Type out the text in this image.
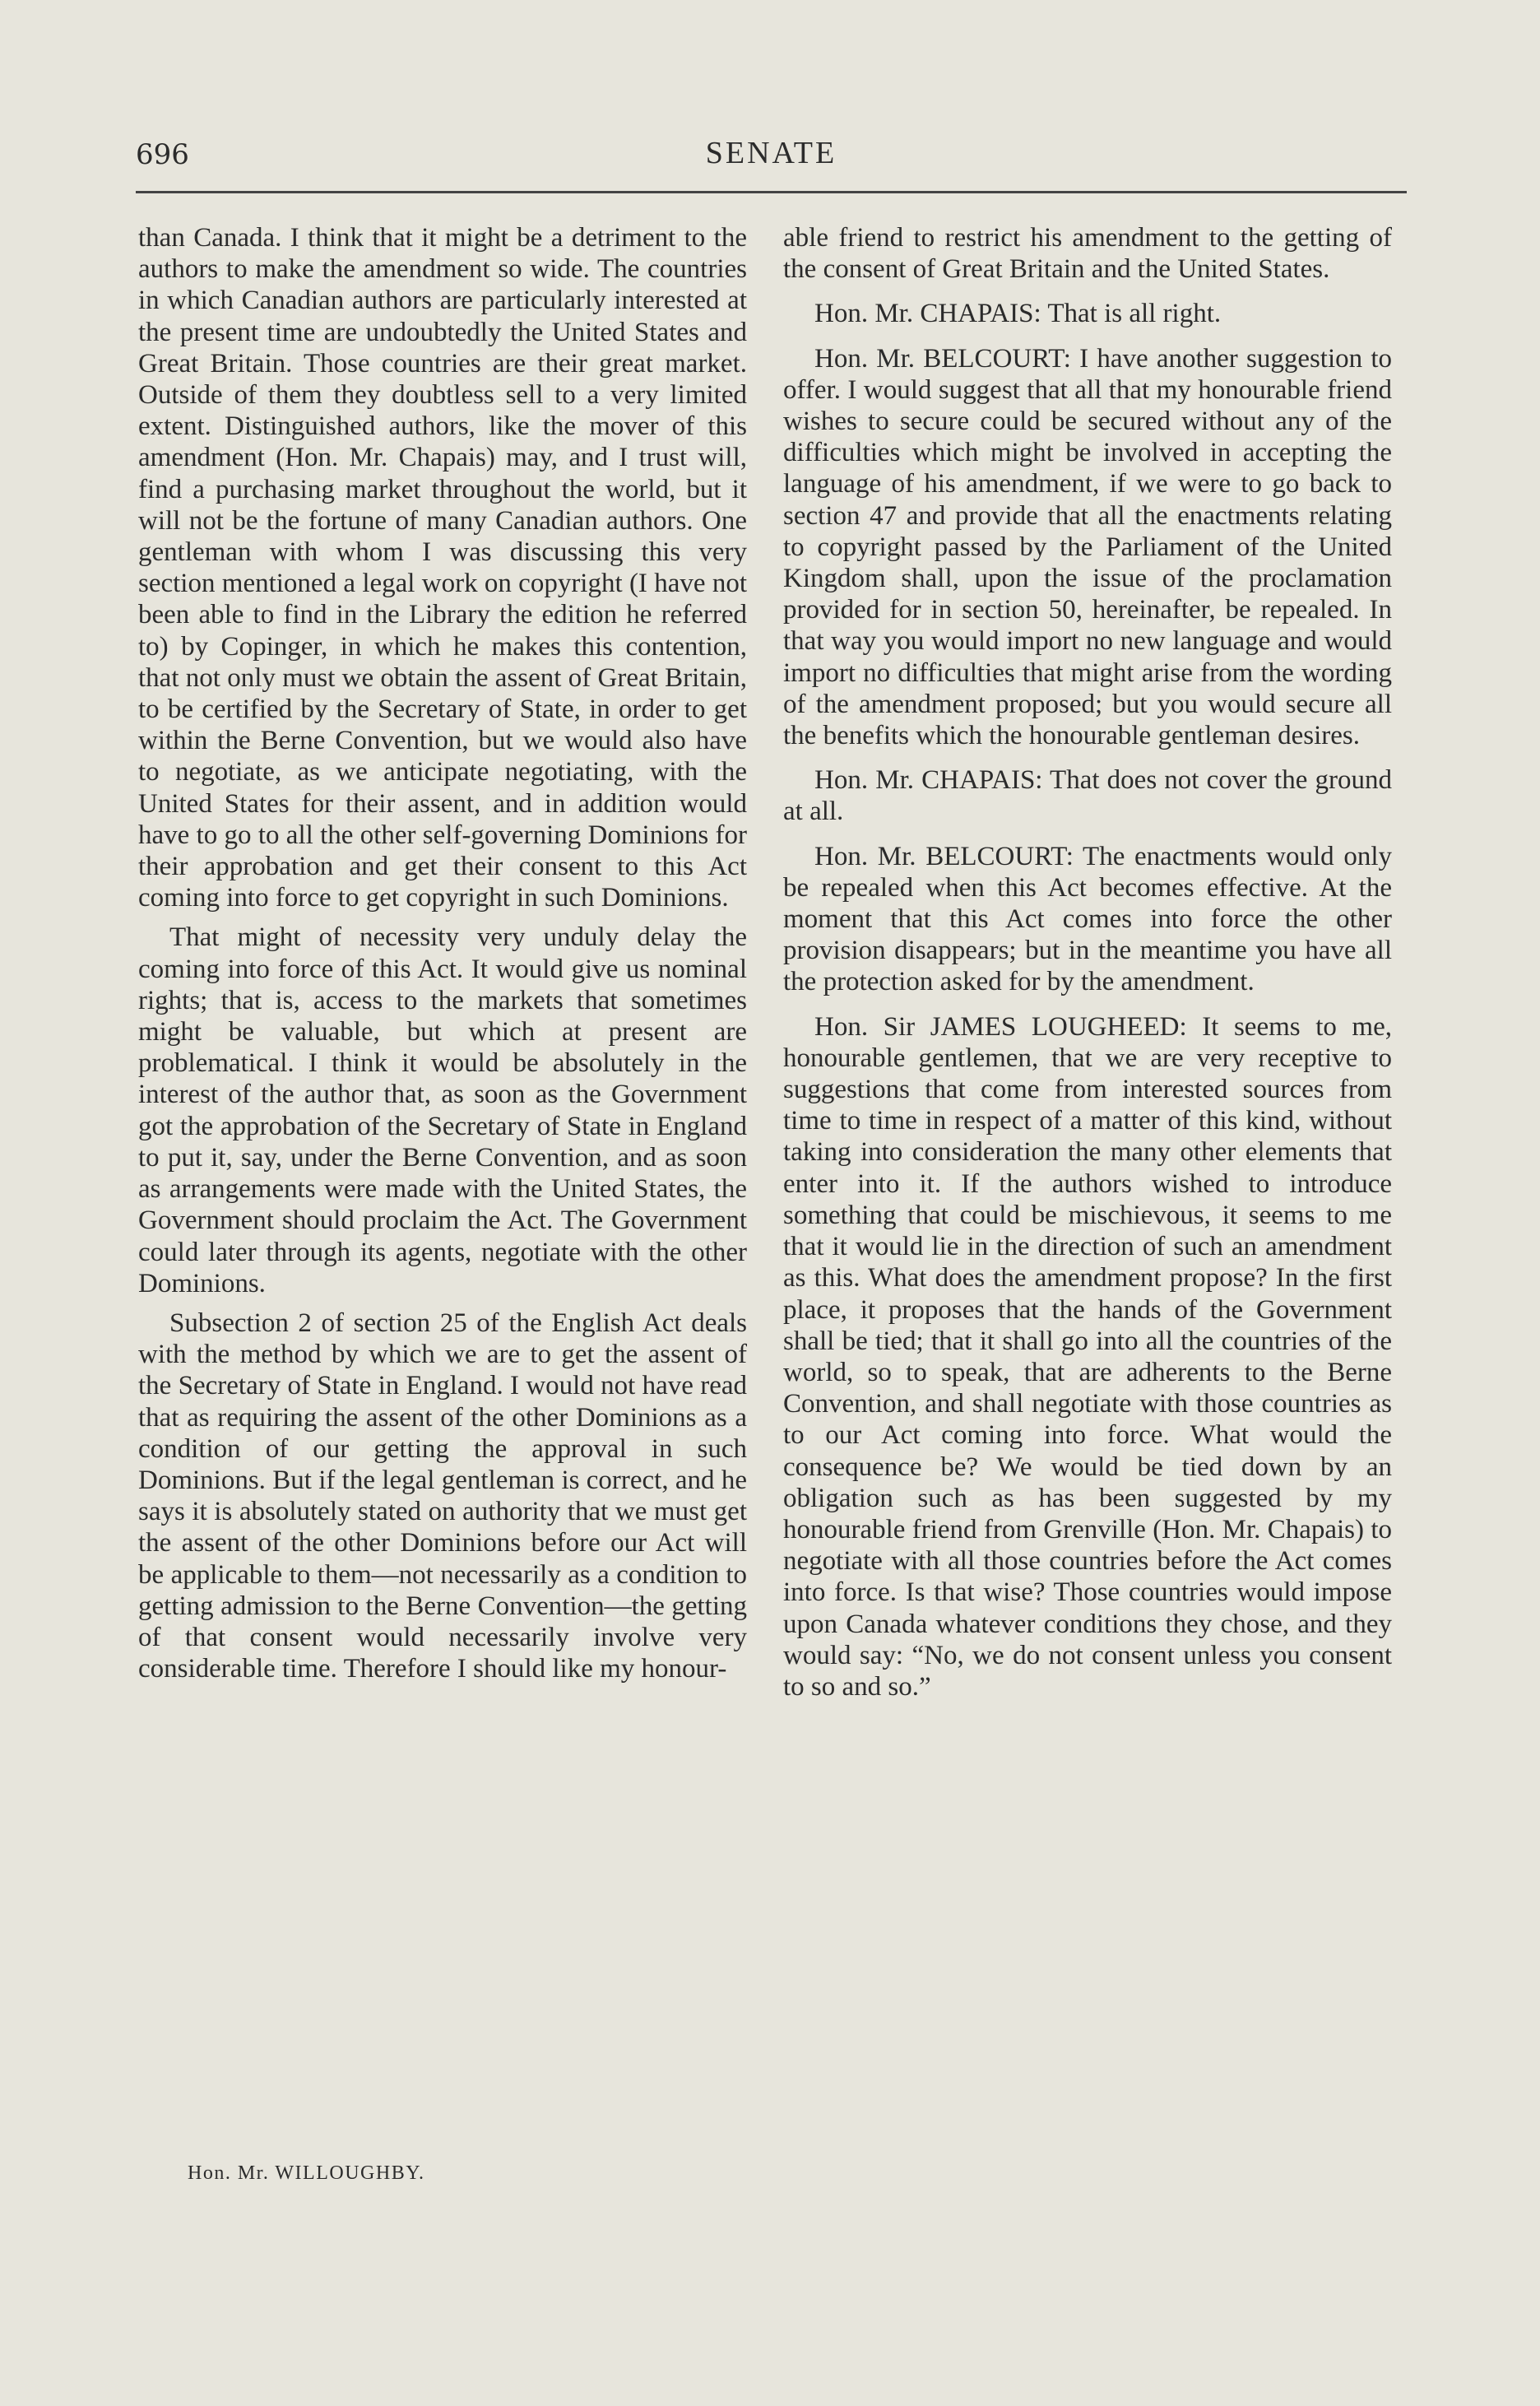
696	SENATE

than Canada. I think that it might be a detriment to the authors to make the amendment so wide. The countries in which Canadian authors are particularly interested at the present time are undoubtedly the United States and Great Britain. Those countries are their great market. Outside of them they doubtless sell to a very limited extent. Distinguished authors, like the mover of this amendment (Hon. Mr. Chapais) may, and I trust will, find a purchasing market throughout the world, but it will not be the fortune of many Canadian authors. One gentleman with whom I was discussing this very section mentioned a legal work on copyright (I have not been able to find in the Library the edition he referred to) by Copinger, in which he makes this contention, that not only must we obtain the assent of Great Britain, to be certified by the Secretary of State, in order to get within the Berne Convention, but we would also have to negotiate, as we anticipate negotiating, with the United States for their assent, and in addition would have to go to all the other self-governing Dominions for their approbation and get their consent to this Act coming into force to get copyright in such Dominions.

That might of necessity very unduly delay the coming into force of this Act. It would give us nominal rights; that is, access to the markets that sometimes might be valuable, but which at present are problematical. I think it would be absolutely in the interest of the author that, as soon as the Government got the approbation of the Secretary of State in England to put it, say, under the Berne Convention, and as soon as arrangements were made with the United States, the Government should proclaim the Act. The Government could later through its agents, negotiate with the other Dominions.

Subsection 2 of section 25 of the English Act deals with the method by which we are to get the assent of the Secretary of State in England. I would not have read that as requiring the assent of the other Dominions as a condition of our getting the approval in such Dominions. But if the legal gentleman is correct, and he says it is absolutely stated on authority that we must get the assent of the other Dominions before our Act will be applicable to them—not necessarily as a condition to getting admission to the Berne Convention—the getting of that consent would necessarily involve very considerable time. Therefore I should like my honour-

able friend to restrict his amendment to the getting of the consent of Great Britain and the United States.

Hon. Mr. CHAPAIS: That is all right.

Hon. Mr. BELCOURT: I have another suggestion to offer. I would suggest that all that my honourable friend wishes to secure could be secured without any of the difficulties which might be involved in accepting the language of his amendment, if we were to go back to section 47 and provide that all the enactments relating to copyright passed by the Parliament of the United Kingdom shall, upon the issue of the proclamation provided for in section 50, hereinafter, be repealed. In that way you would import no new language and would import no difficulties that might arise from the wording of the amendment proposed; but you would secure all the benefits which the honourable gentleman desires.

Hon. Mr. CHAPAIS: That does not cover the ground at all.

Hon. Mr. BELCOURT: The enactments would only be repealed when this Act becomes effective. At the moment that this Act comes into force the other provision disappears; but in the meantime you have all the protection asked for by the amendment.

Hon. Sir JAMES LOUGHEED: It seems to me, honourable gentlemen, that we are very receptive to suggestions that come from interested sources from time to time in respect of a matter of this kind, without taking into consideration the many other elements that enter into it. If the authors wished to introduce something that could be mischievous, it seems to me that it would lie in the direction of such an amendment as this. What does the amendment propose? In the first place, it proposes that the hands of the Government shall be tied; that it shall go into all the countries of the world, so to speak, that are adherents to the Berne Convention, and shall negotiate with those countries as to our Act coming into force. What would the consequence be? We would be tied down by an obligation such as has been suggested by my honourable friend from Grenville (Hon. Mr. Chapais) to negotiate with all those countries before the Act comes into force. Is that wise? Those countries would impose upon Canada whatever conditions they chose, and they would say: “No, we do not consent unless you consent to so and so.”

Hon. Mr. WILLOUGHBY.
